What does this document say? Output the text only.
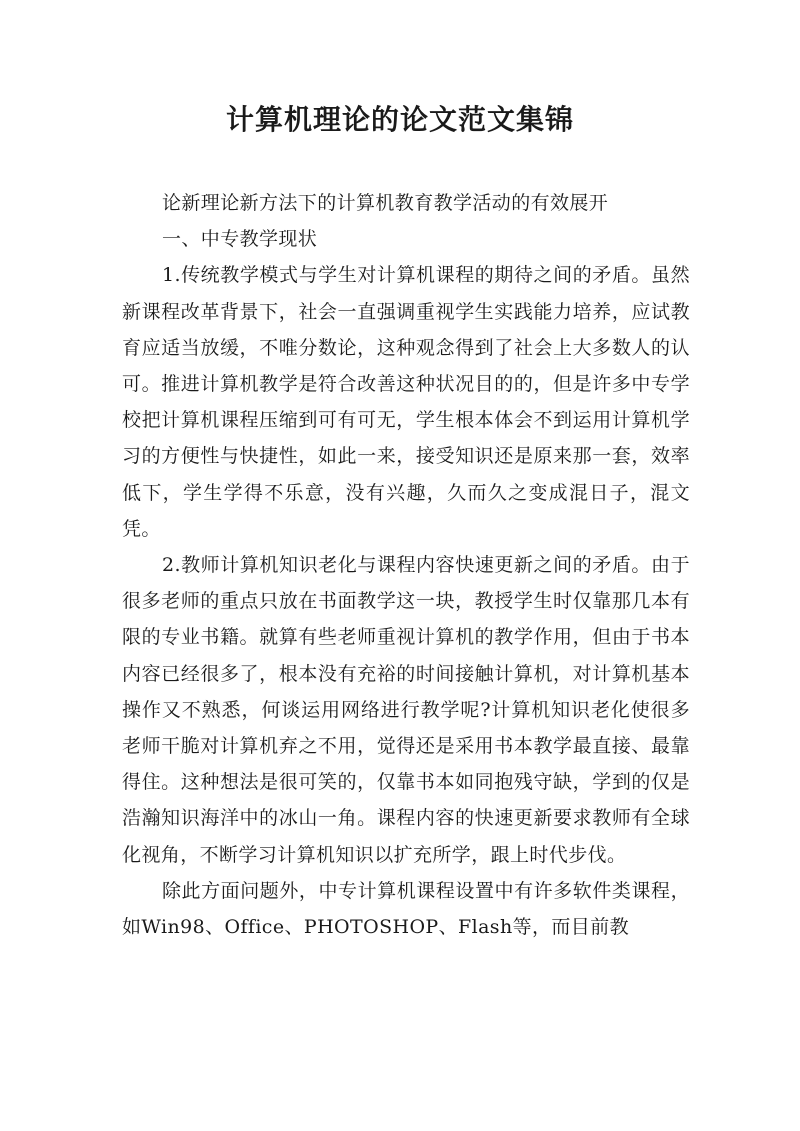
计算机理论的论文范文集锦

论新理论新方法下的计算机教育教学活动的有效展开

一、中专教学现状

1.传统教学模式与学生对计算机课程的期待之间的矛盾。虽然新课程改革背景下，社会一直强调重视学生实践能力培养，应试教育应适当放缓，不唯分数论，这种观念得到了社会上大多数人的认可。推进计算机教学是符合改善这种状况目的的，但是许多中专学校把计算机课程压缩到可有可无，学生根本体会不到运用计算机学习的方便性与快捷性，如此一来，接受知识还是原来那一套，效率低下，学生学得不乐意，没有兴趣，久而久之变成混日子，混文凭。

2.教师计算机知识老化与课程内容快速更新之间的矛盾。由于很多老师的重点只放在书面教学这一块，教授学生时仅靠那几本有限的专业书籍。就算有些老师重视计算机的教学作用，但由于书本内容已经很多了，根本没有充裕的时间接触计算机，对计算机基本操作又不熟悉，何谈运用网络进行教学呢?计算机知识老化使很多老师干脆对计算机弃之不用，觉得还是采用书本教学最直接、最靠得住。这种想法是很可笑的，仅靠书本如同抱残守缺，学到的仅是浩瀚知识海洋中的冰山一角。课程内容的快速更新要求教师有全球化视角，不断学习计算机知识以扩充所学，跟上时代步伐。

除此方面问题外，中专计算机课程设置中有许多软件类课程，如Win98、Office、PHOTOSHOP、Flash等，而目前教
